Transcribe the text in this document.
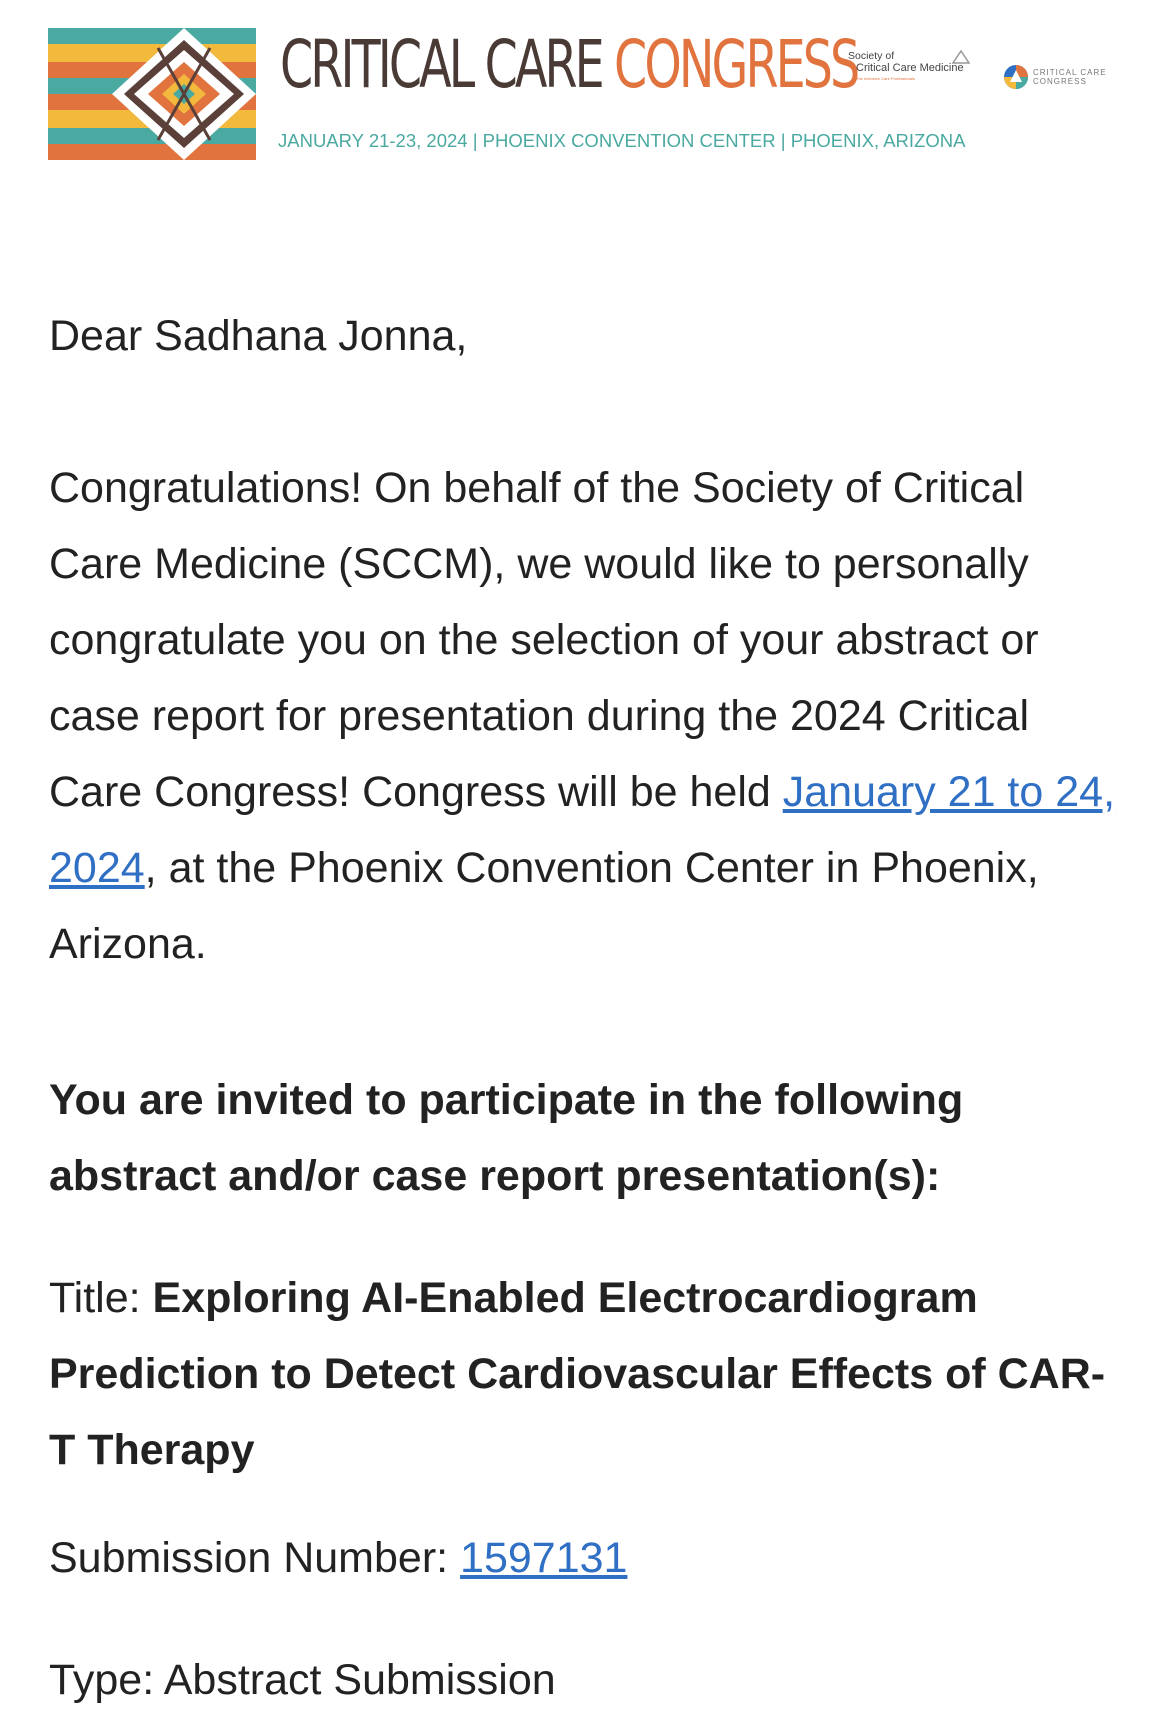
CRITICAL CARE CONGRESS
JANUARY 21-23, 2024 | PHOENIX CONVENTION CENTER | PHOENIX, ARIZONA
Society of
Critical Care Medicine
The Intensive Care Professionals
CRITICAL CARE
CONGRESS

Dear Sadhana Jonna,

Congratulations! On behalf of the Society of Critical Care Medicine (SCCM), we would like to personally congratulate you on the selection of your abstract or case report for presentation during the 2024 Critical Care Congress! Congress will be held January 21 to 24, 2024, at the Phoenix Convention Center in Phoenix, Arizona.

You are invited to participate in the following abstract and/or case report presentation(s):

Title: Exploring AI-Enabled Electrocardiogram Prediction to Detect Cardiovascular Effects of CAR- T Therapy

Submission Number: 1597131

Type: Abstract Submission
